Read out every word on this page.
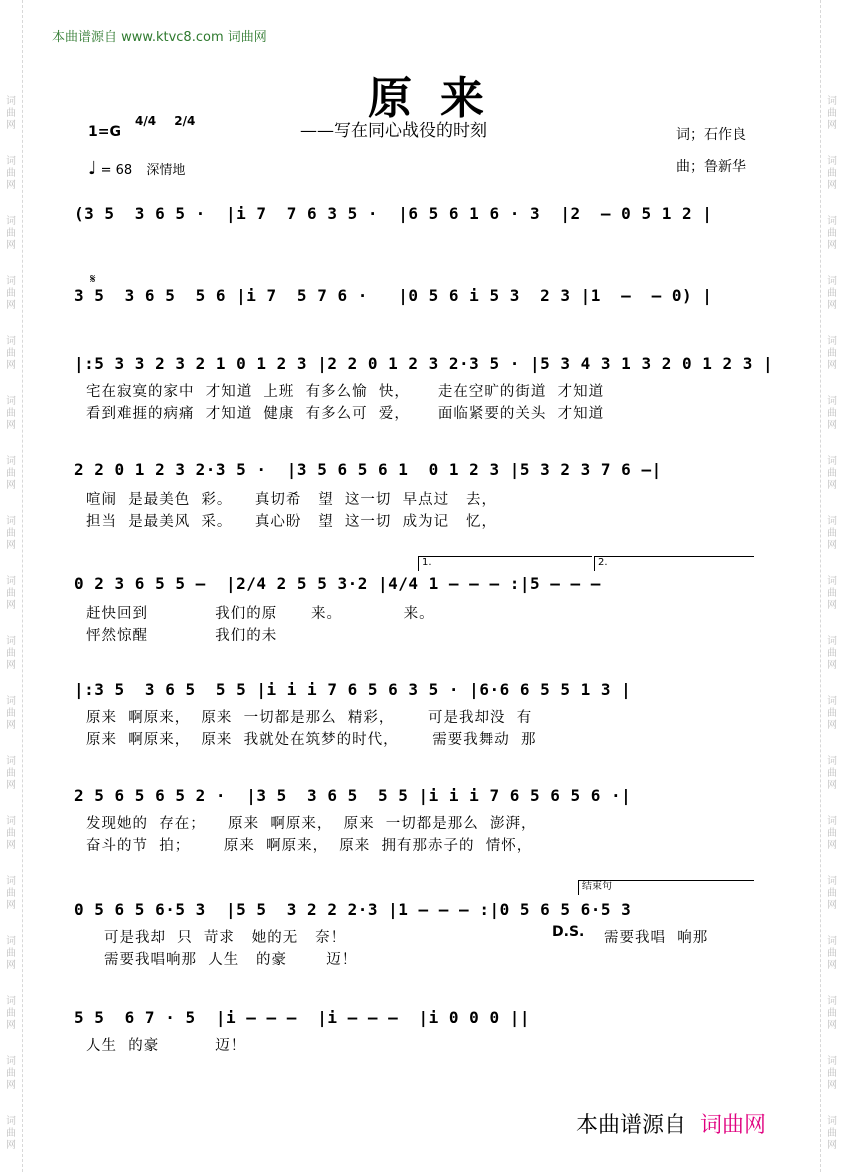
词
曲
网
词
曲
网
词
曲
网
词
曲
网
词
曲
网
词
曲
网
词
曲
网
词
曲
网
词
曲
网
词
曲
网
词
曲
网
词
曲
网
词
曲
网
词
曲
网
词
曲
网
词
曲
网
词
曲
网
词
曲
网
词
曲
网
词
曲
网
词
曲
网
词
曲
网
词
曲
网
词
曲
网
词
曲
网
词
曲
网
词
曲
网
词
曲
网
词
曲
网
词
曲
网
词
曲
网
词
曲
网
词
曲
网
词
曲
网
词
曲
网
词
曲
网
本曲谱源自 www.ktvc8.com 词曲网
原来
——写在同心战役的时刻
1=G
4/4 2/4
♩ = 68 深情地
词；石作良
曲；鲁新华
(3 5  3 6 5 ·  |i 7  7 6 3 5 ·  |6 5 6 1 6 · 3  |2  — 0 5 1 2 |
𝄋
3 5  3 6 5  5 6 |i 7  5 7 6 ·   |0 5 6 i 5 3  2 3 |1  —  — 0) |
|:5 3 3 2 3 2 1 0 1 2 3 |2 2 0 1 2 3 2·3 5 · |5 3 4 3 1 3 2 0 1 2 3 |
宅在寂寞的家中  才知道  上班  有多么愉  快，     走在空旷的街道  才知道
看到难捱的病痛  才知道  健康  有多么可  爱，     面临紧要的关头  才知道
2 2 0 1 2 3 2·3 5 ·  |3 5 6 5 6 1  0 1 2 3 |5 3 2 3 7 6 —|
喧闹  是最美色  彩。    真切希   望  这一切  早点过   去，
担当  是最美风  采。    真心盼   望  这一切  成为记   忆，
1.	2.
0 2 3 6 5 5 —  |2/4 2 5 5 3·2 |4/4 1 — — — :|5 — — —
赶快回到            我们的原      来。           来。
怦然惊醒            我们的未
|:3 5  3 6 5  5 5 |i i i 7 6 5 6 3 5 · |6·6 6 5 5 1 3 |
原来  啊原来，  原来  一切都是那么  精彩，      可是我却没  有
原来  啊原来，  原来  我就处在筑梦的时代，      需要我舞动  那
2 5 6 5 6 5 2 ·  |3 5  3 6 5  5 5 |i i i 7 6 5 6 5 6 ·|
发现她的  存在；    原来  啊原来，  原来  一切都是那么  澎湃，
奋斗的节  拍；      原来  啊原来，  原来  拥有那赤子的  情怀，
结束句
0 5 6 5 6·5 3  |5 5  3 2 2 2·3 |1 — — — :|0 5 6 5 6·5 3
可是我却  只  苛求   她的无   奈！	D.S. 需要我唱  响那
需要我唱响那  人生   的豪       迈！
5 5  6 7 · 5  |i — — —  |i — — —  |i 0 0 0 ||
人生  的豪          迈！
本曲谱源自 词曲网
